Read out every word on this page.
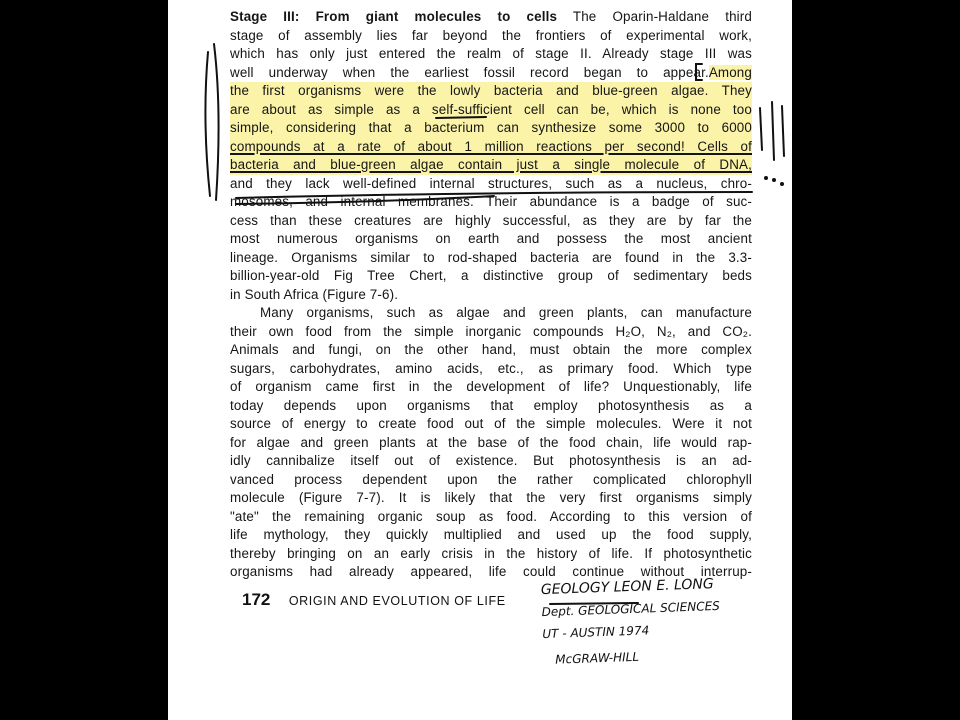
Stage III: From giant molecules to cells The Oparin-Haldane third
stage of assembly lies far beyond the frontiers of experimental work,
which has only just entered the realm of stage II. Already stage III was
well underway when the earliest fossil record began to appear.Among
the first organisms were the lowly bacteria and blue-green algae. They
are about as simple as a self-sufficient cell can be, which is none too
simple, considering that a bacterium can synthesize some 3000 to 6000
compounds at a rate of about 1 million reactions per second! Cells of
bacteria and blue-green algae contain just a single molecule of DNA,
and they lack well-defined internal structures, such as a nucleus, chro-
mosomes, and internal membranes. Their abundance is a badge of suc-
cess than these creatures are highly successful, as they are by far the
most numerous organisms on earth and possess the most ancient
lineage. Organisms similar to rod-shaped bacteria are found in the 3.3-
billion-year-old Fig Tree Chert, a distinctive group of sedimentary beds
in South Africa (Figure 7-6).
Many organisms, such as algae and green plants, can manufacture
their own food from the simple inorganic compounds H₂O, N₂, and CO₂.
Animals and fungi, on the other hand, must obtain the more complex
sugars, carbohydrates, amino acids, etc., as primary food. Which type
of organism came first in the development of life? Unquestionably, life
today depends upon organisms that employ photosynthesis as a
source of energy to create food out of the simple molecules. Were it not
for algae and green plants at the base of the food chain, life would rap-
idly cannibalize itself out of existence. But photosynthesis is an ad-
vanced process dependent upon the rather complicated chlorophyll
molecule (Figure 7-7). It is likely that the very first organisms simply
"ate" the remaining organic soup as food. According to this version of
life mythology, they quickly multiplied and used up the food supply,
thereby bringing on an early crisis in the history of life. If photosynthetic
organisms had already appeared, life could continue without interrup-
172 ORIGIN AND EVOLUTION OF LIFE
GEOLOGY LEON E. LONG
Dept. GEOLOGICAL SCIENCES
UT - AUSTIN 1974
McGRAW-HILL
